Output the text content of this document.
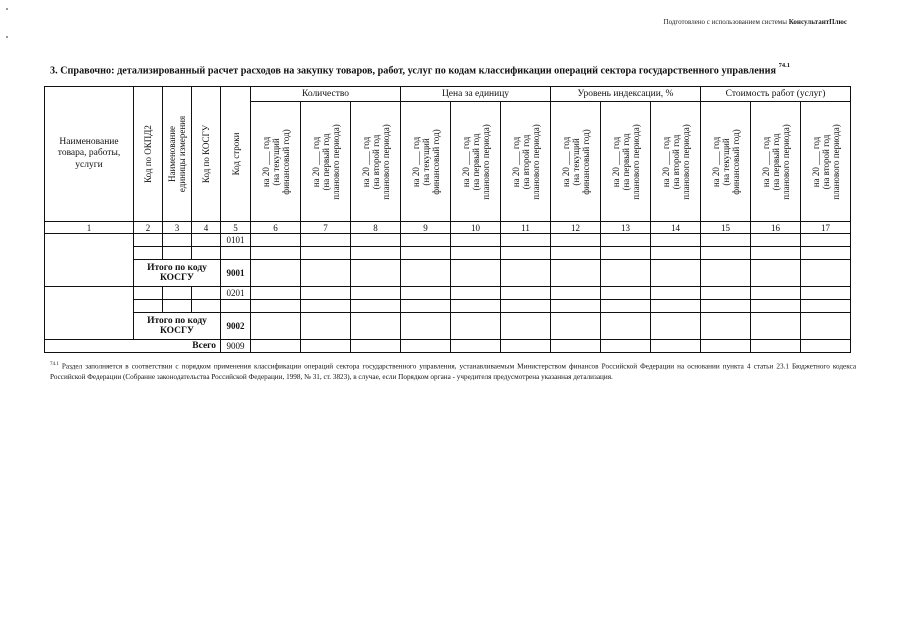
Подготовлено с использованием системы КонсультантПлюс
3. Справочно: детализированный расчет расходов на закупку товаров, работ, услуг по кодам классификации операций сектора государственного управления $^{74.1}$
Наименование
товара, работы,
услуги	Код по ОКПД2	Наименование
единицы измерения	Код по КОСГУ	Код строки	Количество			Цена за единицу			Уровень индексации, %			Стоимость работ (услуг)		

					на 20 ___ год
(на текущий
финансовый год)	на 20 ___ год
(на первый год
планового периода)	на 20 ___ год
(на второй год
планового периода)	на 20 ___ год
(на текущий
финансовый год)	на 20 ___ год
(на первый год
планового периода)	на 20 ___ год
(на второй год
планового периода)	на 20 ___ год
(на текущий
финансовый год)	на 20 ___ год
(на первый год
планового периода)	на 20 ___ год
(на второй год
планового периода)	на 20 ___ год
(на текущий
финансовый год)	на 20 ___ год
(на первый год
планового периода)	на 20 ___ год
(на второй год
планового периода)

1	2	3	4	5	6	7	8	9	10	11	12	13	14	15	16	17
				0101												

	Итого по коду КОСГУ			9001												
				0201												

	Итого по коду КОСГУ			9002												
Всего				9009												
$^{74.1}$ Раздел заполняется в соответствии с порядком применения классификации операций сектора государственного управления, устанавливаемым Министерством финансов Российской Федерации на основании пункта 4 статьи 23.1 Бюджетного кодекса Российской Федерации (Собрание законодательства Российской Федерации, 1998, № 31, ст. 3823), в случае, если Порядком органа - учредителя предусмотрена указанная детализация.
